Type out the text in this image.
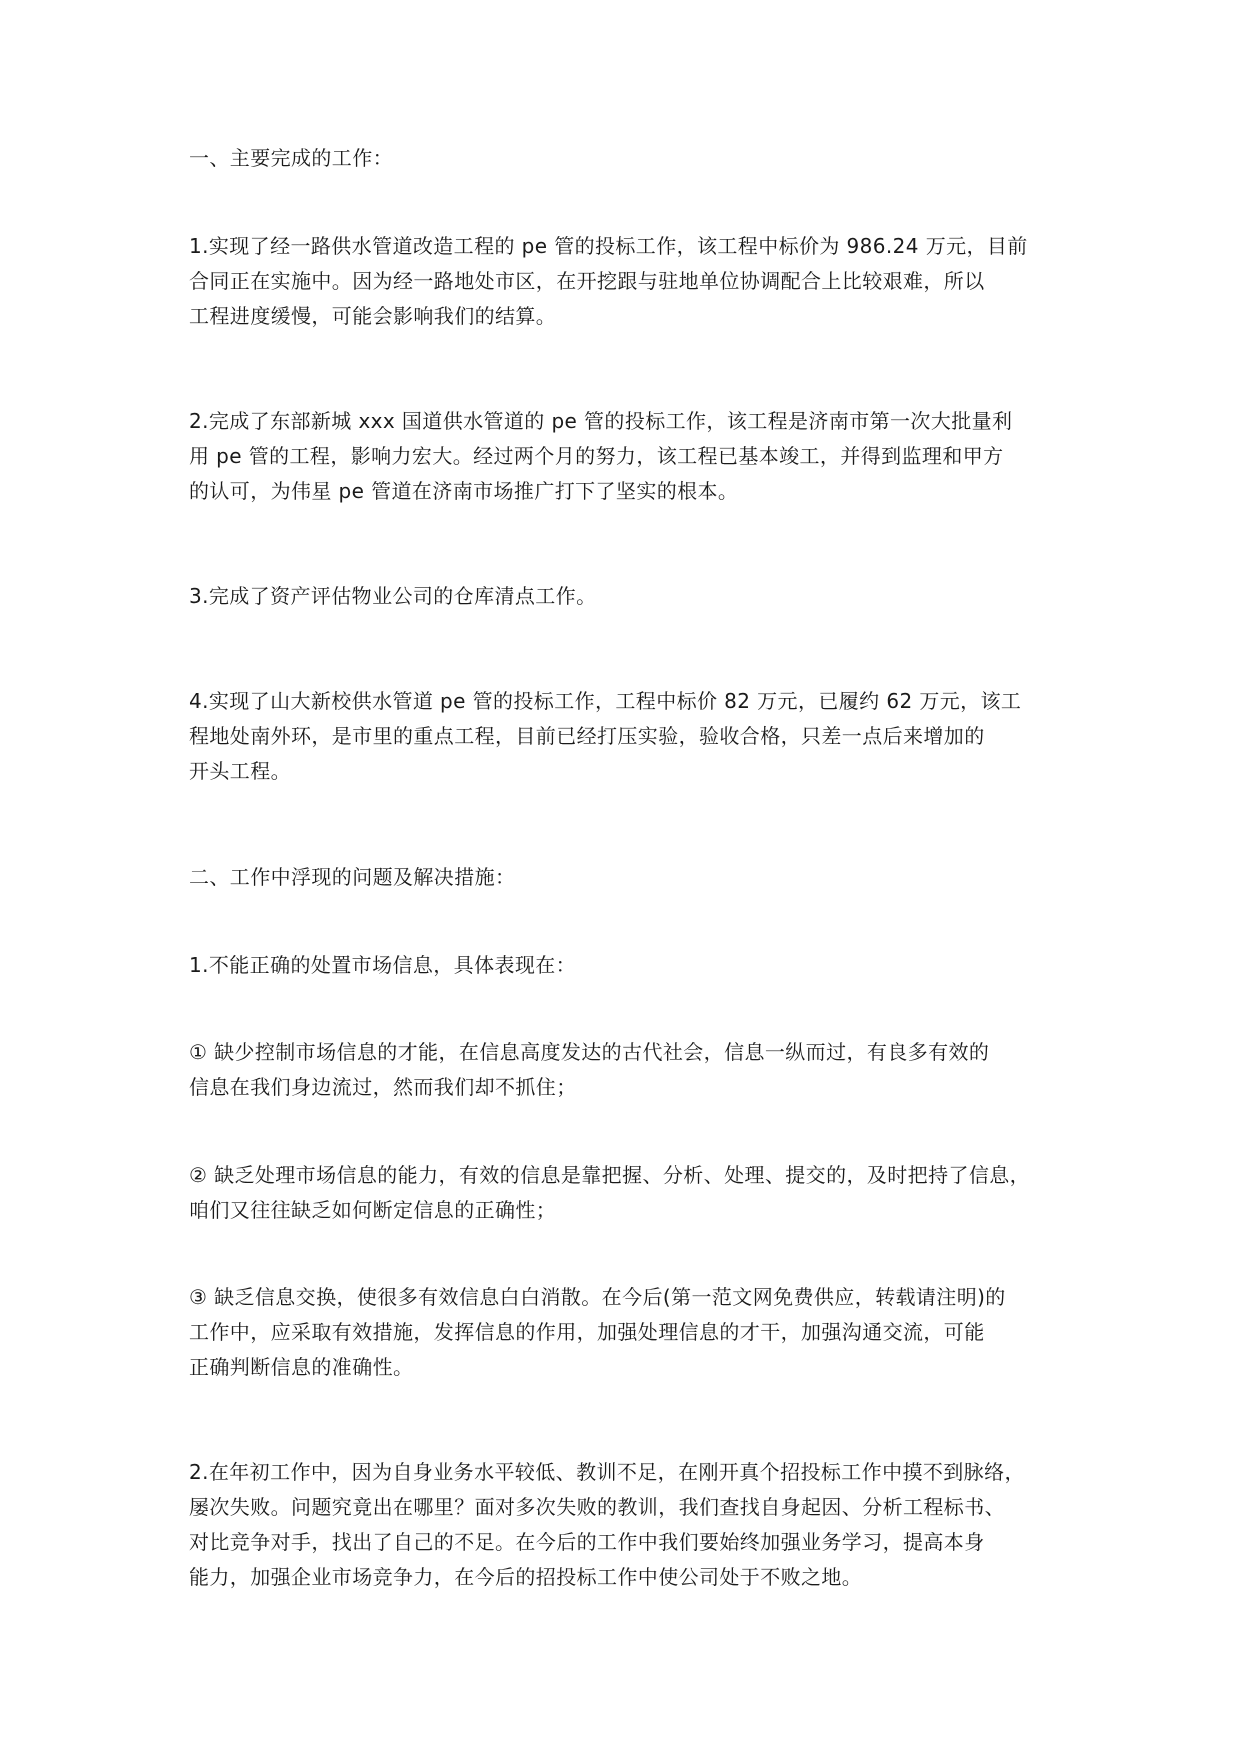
一、主要完成的工作：

1.实现了经一路供水管道改造工程的 pe 管的投标工作，该工程中标价为 986.24 万元，目前
合同正在实施中。因为经一路地处市区，在开挖跟与驻地单位协调配合上比较艰难，所以
工程进度缓慢，可能会影响我们的结算。

2.完成了东部新城 xxx 国道供水管道的 pe 管的投标工作，该工程是济南市第一次大批量利
用 pe 管的工程，影响力宏大。经过两个月的努力，该工程已基本竣工，并得到监理和甲方
的认可，为伟星 pe 管道在济南市场推广打下了坚实的根本。

3.完成了资产评估物业公司的仓库清点工作。

4.实现了山大新校供水管道 pe 管的投标工作，工程中标价 82 万元，已履约 62 万元，该工
程地处南外环，是市里的重点工程，目前已经打压实验，验收合格，只差一点后来增加的
开头工程。

二、工作中浮现的问题及解决措施：

1.不能正确的处置市场信息，具体表现在：

① 缺少控制市场信息的才能，在信息高度发达的古代社会，信息一纵而过，有良多有效的
信息在我们身边流过，然而我们却不抓住；

② 缺乏处理市场信息的能力，有效的信息是靠把握、分析、处理、提交的，及时把持了信息，
咱们又往往缺乏如何断定信息的正确性；

③ 缺乏信息交换，使很多有效信息白白消散。在今后(第一范文网免费供应，转载请注明)的
工作中，应采取有效措施，发挥信息的作用，加强处理信息的才干，加强沟通交流，可能
正确判断信息的准确性。

2.在年初工作中，因为自身业务水平较低、教训不足，在刚开真个招投标工作中摸不到脉络，
屡次失败。问题究竟出在哪里？面对多次失败的教训，我们查找自身起因、分析工程标书、
对比竞争对手，找出了自己的不足。在今后的工作中我们要始终加强业务学习，提高本身
能力，加强企业市场竞争力，在今后的招投标工作中使公司处于不败之地。
